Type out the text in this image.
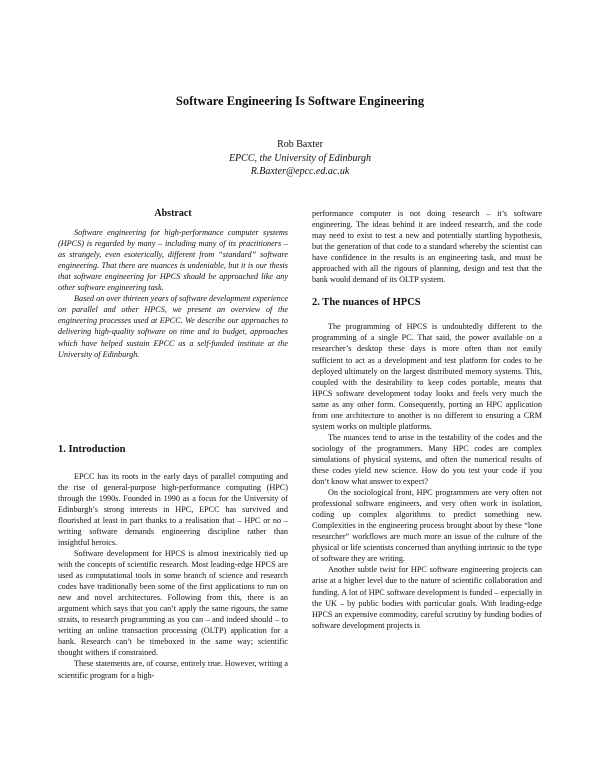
Software Engineering Is Software Engineering
Rob Baxter
EPCC, the University of Edinburgh
R.Baxter@epcc.ed.ac.uk
Abstract

Software engineering for high-performance computer systems (HPCS) is regarded by many – including many of its practitioners – as strangely, even esoterically, different from “standard” software engineering. That there are nuances is undeniable, but it is our thesis that software engineering for HPCS should be approached like any other software engineering task.

Based on over thirteen years of software development experience on parallel and other HPCS, we present an overview of the engineering processes used at EPCC. We describe our approaches to delivering high-quality software on time and to budget, approaches which have helped sustain EPCC as a self-funded institute at the University of Edinburgh.

1. Introduction

EPCC has its roots in the early days of parallel computing and the rise of general-purpose high-performance computing (HPC) through the 1990s. Founded in 1990 as a focus for the University of Edinburgh’s strong interests in HPC, EPCC has survived and flourished at least in part thanks to a realisation that – HPC or no – writing software demands engineering discipline rather than insightful heroics.

Software development for HPCS is almost inextricably tied up with the concepts of scientific research. Most leading-edge HPCS are used as computational tools in some branch of science and research codes have traditionally been some of the first applications to run on new and novel architectures. Following from this, there is an argument which says that you can’t apply the same rigours, the same straits, to research programming as you can – and indeed should – to writing an online transaction processing (OLTP) application for a bank. Research can’t be timeboxed in the same way; scientific thought withers if constrained.

These statements are, of course, entirely true. However, writing a scientific program for a high-

performance computer is not doing research – it’s software engineering. The ideas behind it are indeed research, and the code may need to exist to test a new and potentially startling hypothesis, but the generation of that code to a standard whereby the scientist can have confidence in the results is an engineering task, and must be approached with all the rigours of planning, design and test that the bank would demand of its OLTP system.

2. The nuances of HPCS

The programming of HPCS is undoubtedly different to the programming of a single PC. That said, the power available on a researcher’s desktop these days is more often than not easily sufficient to act as a development and test platform for codes to be deployed ultimately on the largest distributed memory systems. This, coupled with the desirability to keep codes portable, means that HPCS software development today looks and feels very much the same as any other form. Consequently, porting an HPC application from one architecture to another is no different to ensuring a CRM system works on multiple platforms.

The nuances tend to arise in the testability of the codes and the sociology of the programmers. Many HPC codes are complex simulations of physical systems, and often the numerical results of these codes yield new science. How do you test your code if you don’t know what answer to expect?

On the sociological front, HPC programmers are very often not professional software engineers, and very often work in isolation, coding up complex algorithms to predict something new. Complexities in the engineering process brought about by these “lone researcher” workflows are much more an issue of the culture of the physical or life scientists concerned than anything intrinsic to the type of software they are writing.

Another subtle twist for HPC software engineering projects can arise at a higher level due to the nature of scientific collaboration and funding. A lot of HPC software development is funded – especially in the UK – by public bodies with particular goals. With leading-edge HPCS an expensive commodity, careful scrutiny by funding bodies of software development projects is
